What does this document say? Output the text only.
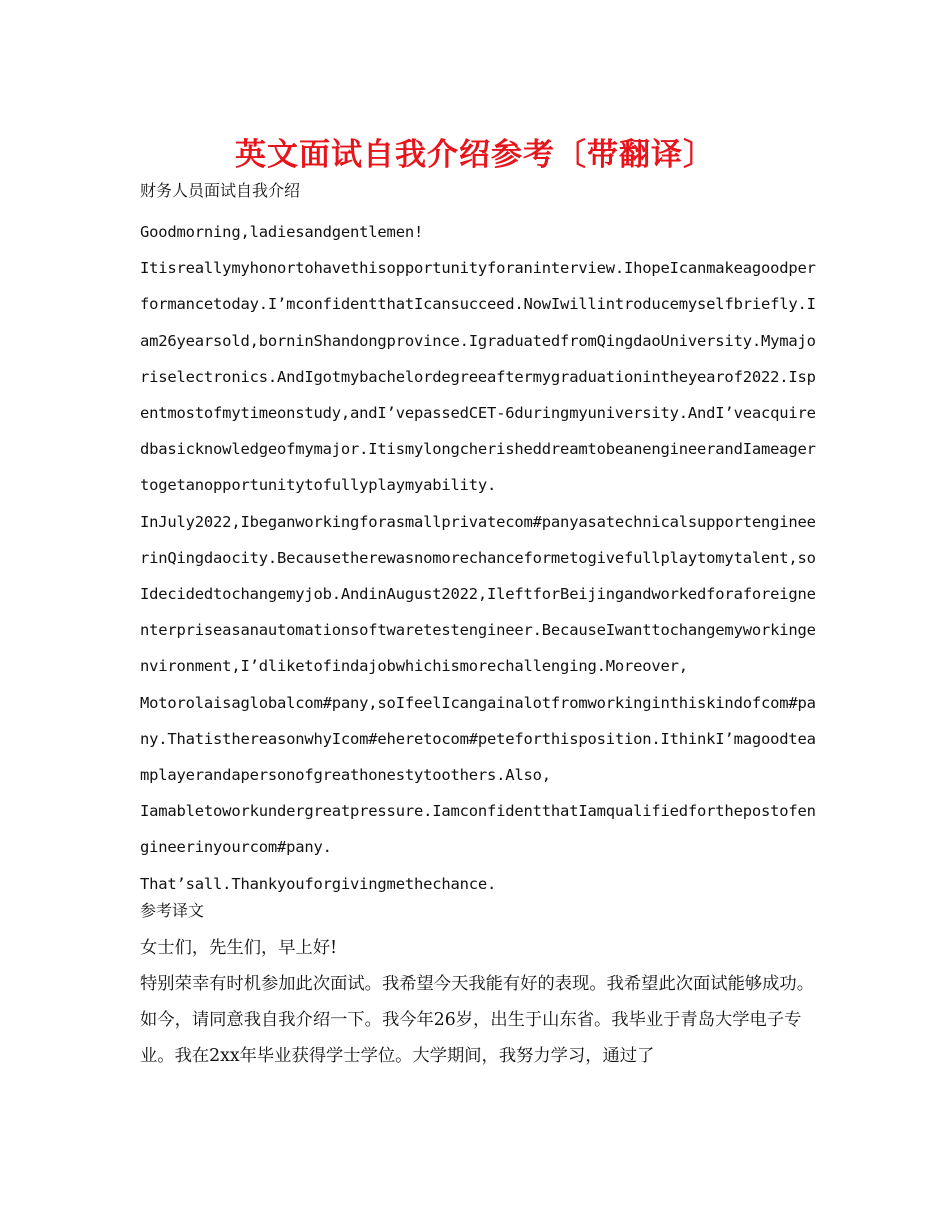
英文面试自我介绍参考〔带翻译〕
财务人员面试自我介绍

Goodmorning,ladiesandgentlemen!

Itisreallymyhonortohavethisopportunityforaninterview.IhopeIcanmakeagoodperformancetoday.I’mconfidentthatIcansucceed.NowIwillintroducemyselfbriefly.Iam26yearsold,borninShandongprovince.IgraduatedfromQingdaoUniversity.Mymajoriselectronics.AndIgotmybachelordegreeaftermygraduationintheyearof2022.Ispentmostofmytimeonstudy,andI’vepassedCET-6duringmyuniversity.AndI’veacquiredbasicknowledgeofmymajor.ItismylongcherisheddreamtobeanengineerandIameagertogetanopportunitytofullyplaymyability.

InJuly2022,Ibeganworkingforasmallprivatecom#panyasatechnicalsupportengineerinQingdaocity.Becausetherewasnomorechanceformetogivefullplaytomytalent,soIdecidedtochangemyjob.AndinAugust2022,IleftforBeijingandworkedforaforeignenterpriseasanautomationsoftwaretestengineer.BecauseIwanttochangemyworkingenvironment,I’dliketofindajobwhichismorechallenging.Moreover,

Motorolaisaglobalcom#pany,soIfeelIcangainalotfromworkinginthiskindofcom#pany.ThatisthereasonwhyIcom#eheretocom#peteforthisposition.IthinkI’magoodteamplayerandapersonofgreathonestytoothers.Also,

Iamabletoworkundergreatpressure.IamconfidentthatIamqualifiedforthepostofengineerinyourcom#pany.

That’sall.Thankyouforgivingmethechance.

参考译文

女士们，先生们，早上好!

特别荣幸有时机参加此次面试。我希望今天我能有好的表现。我希望此次面试能够成功。如今，请同意我自我介绍一下。我今年26岁，出生于山东省。我毕业于青岛大学电子专业。我在2xx年毕业获得学士学位。大学期间，我努力学习，通过了
